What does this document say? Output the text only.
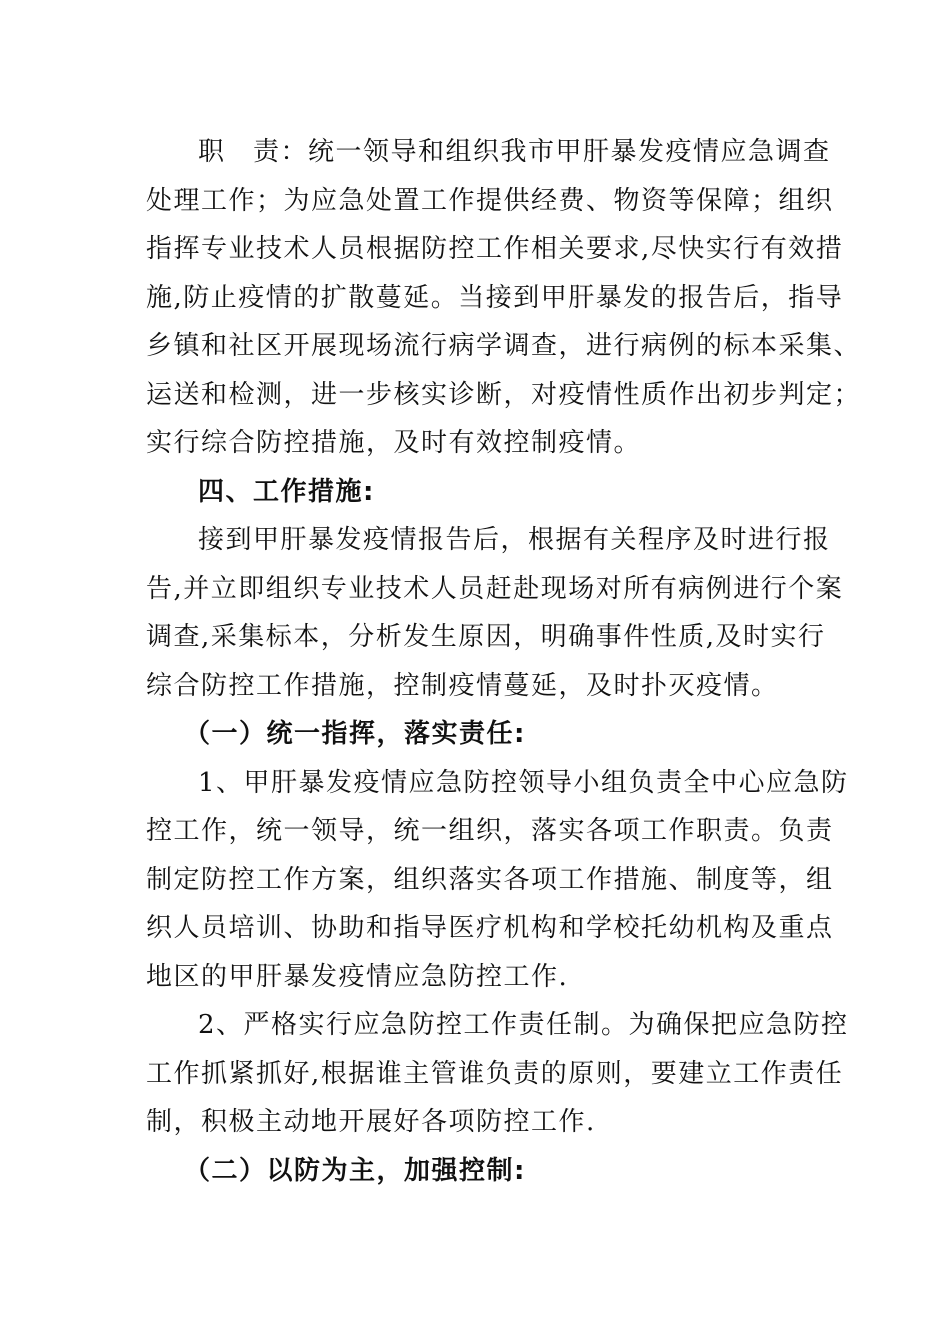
职　责：统一领导和组织我市甲肝暴发疫情应急调查
处理工作；为应急处置工作提供经费、物资等保障；组织
指挥专业技术人员根据防控工作相关要求,尽快实行有效措
施,防止疫情的扩散蔓延。当接到甲肝暴发的报告后，指导
乡镇和社区开展现场流行病学调查，进行病例的标本采集、
运送和检测，进一步核实诊断，对疫情性质作出初步判定；
实行综合防控措施，及时有效控制疫情。
四、工作措施:
接到甲肝暴发疫情报告后，根据有关程序及时进行报
告,并立即组织专业技术人员赶赴现场对所有病例进行个案
调查,采集标本，分析发生原因，明确事件性质,及时实行
综合防控工作措施，控制疫情蔓延，及时扑灭疫情。
（一）统一指挥，落实责任:
1、甲肝暴发疫情应急防控领导小组负责全中心应急防
控工作，统一领导，统一组织，落实各项工作职责。负责
制定防控工作方案，组织落实各项工作措施、制度等，组
织人员培训、协助和指导医疗机构和学校托幼机构及重点
地区的甲肝暴发疫情应急防控工作.
2、严格实行应急防控工作责任制。为确保把应急防控
工作抓紧抓好,根据谁主管谁负责的原则，要建立工作责任
制，积极主动地开展好各项防控工作.
（二）以防为主，加强控制:
